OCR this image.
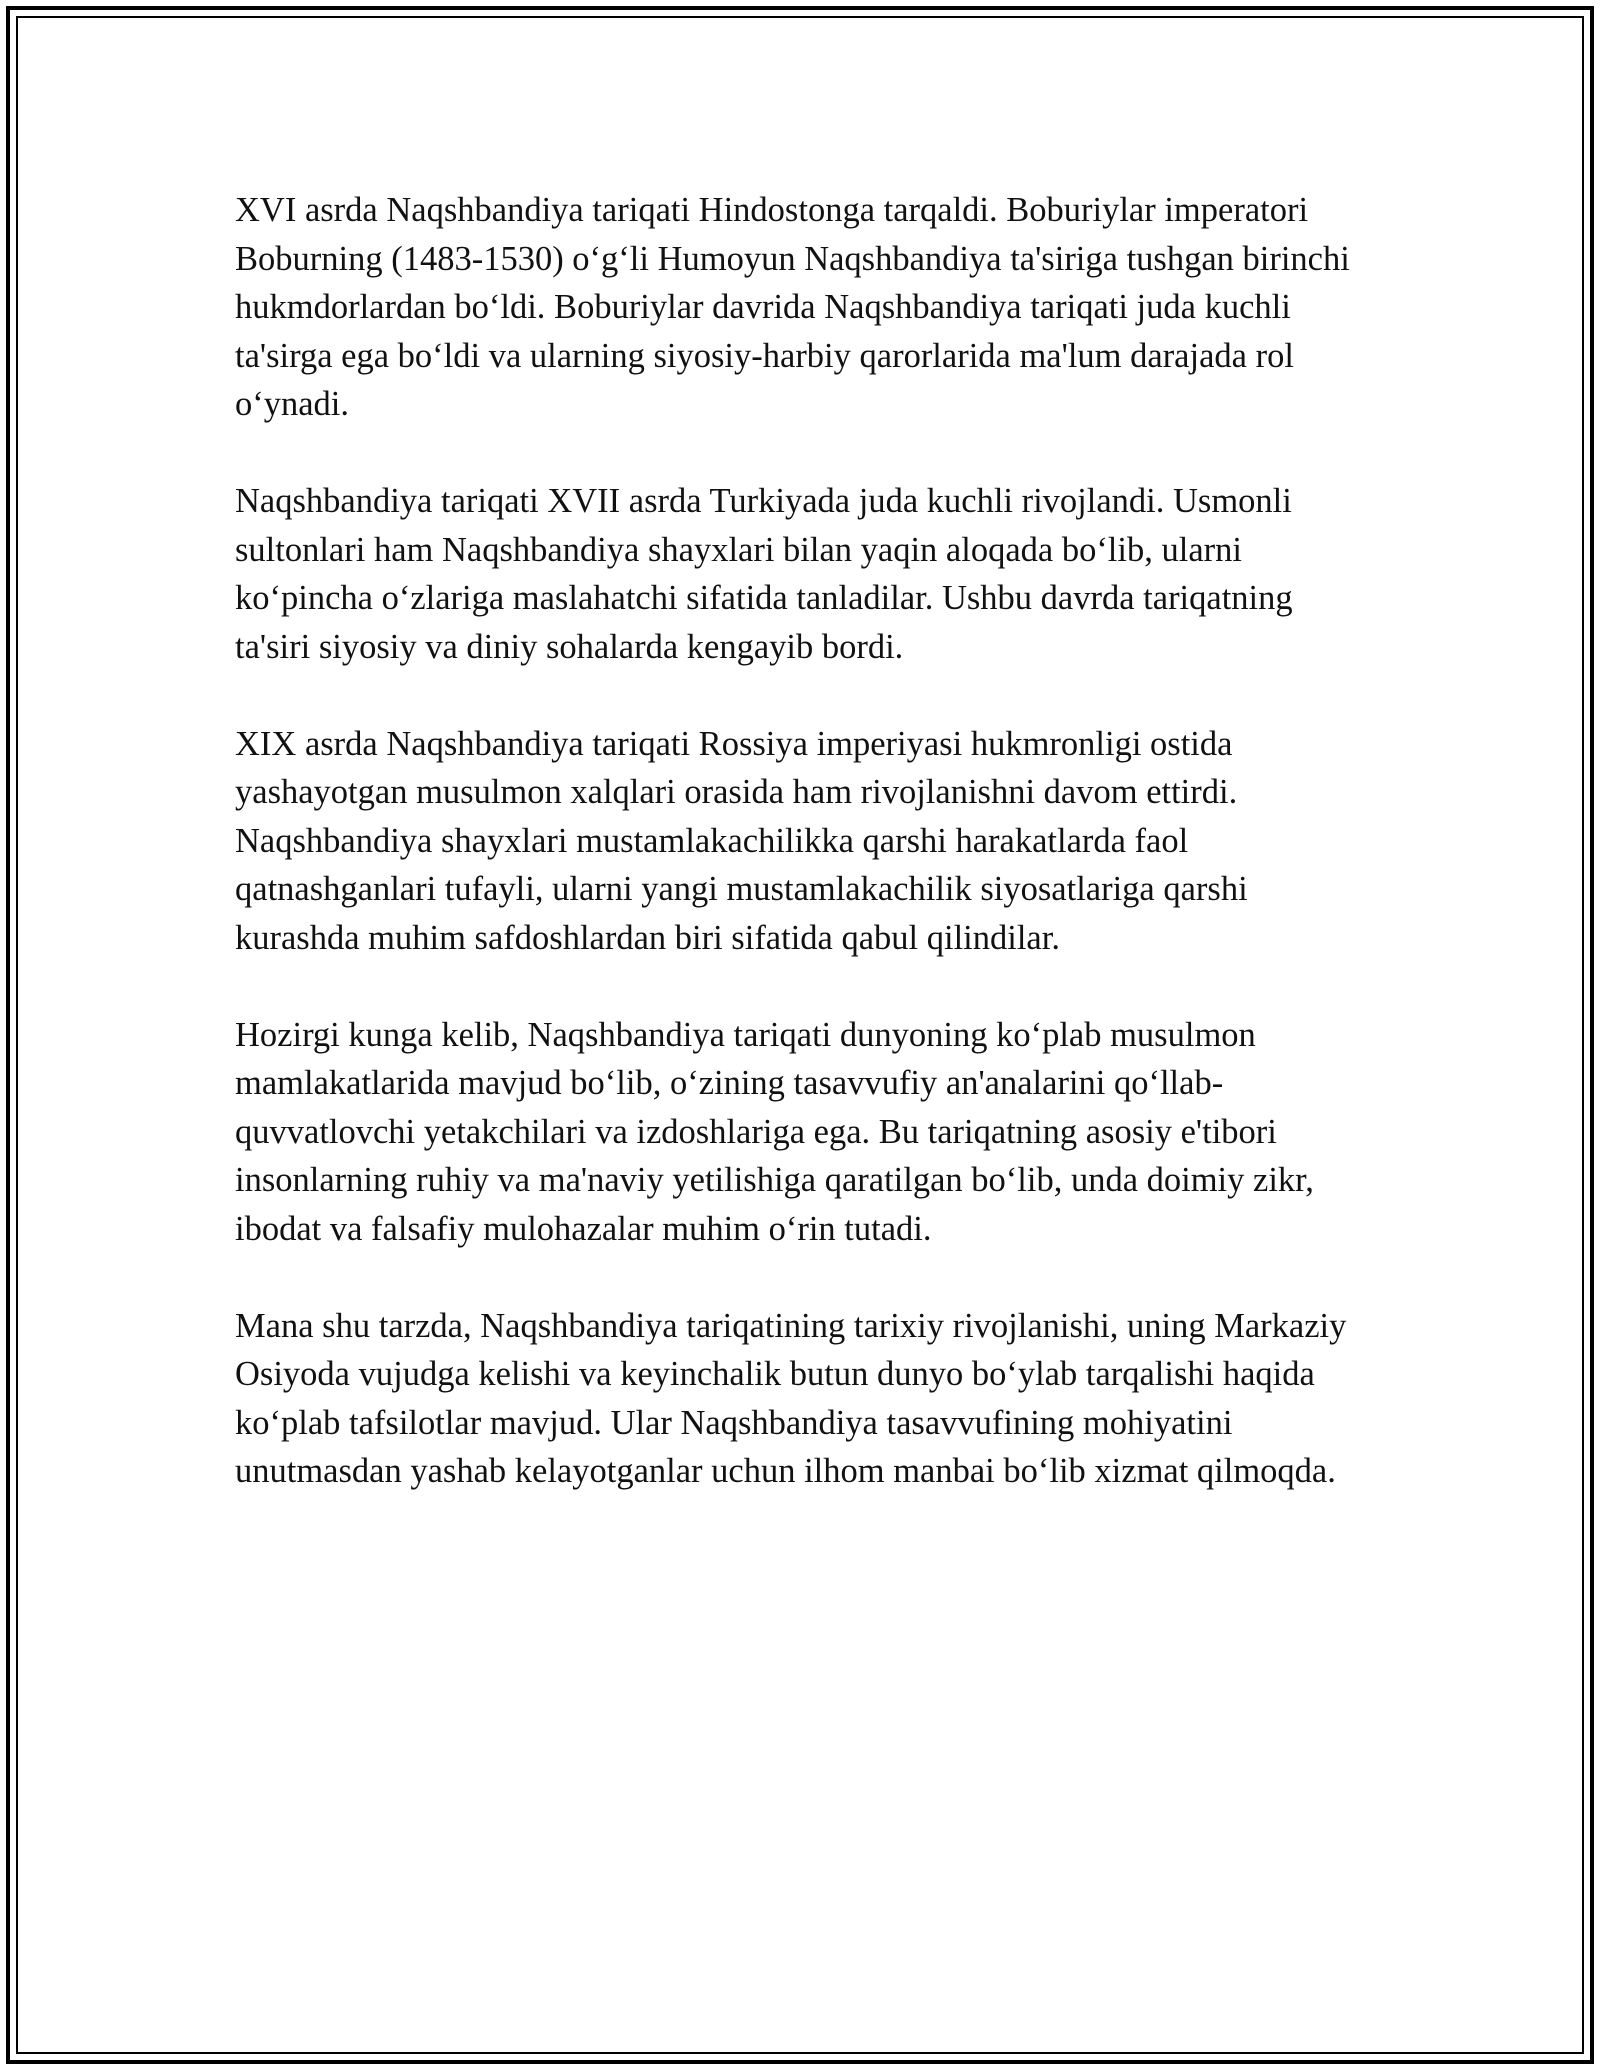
XVI asrda Naqshbandiya tariqati Hindostonga tarqaldi. Boburiylar imperatori Boburning (1483-1530) o‘g‘li Humoyun Naqshbandiya ta'siriga tushgan birinchi hukmdorlardan bo‘ldi. Boburiylar davrida Naqshbandiya tariqati juda kuchli ta'sirga ega bo‘ldi va ularning siyosiy-harbiy qarorlarida ma'lum darajada rol o‘ynadi.

Naqshbandiya tariqati XVII asrda Turkiyada juda kuchli rivojlandi. Usmonli sultonlari ham Naqshbandiya shayxlari bilan yaqin aloqada bo‘lib, ularni ko‘pincha o‘zlariga maslahatchi sifatida tanladilar. Ushbu davrda tariqatning ta'siri siyosiy va diniy sohalarda kengayib bordi.

XIX asrda Naqshbandiya tariqati Rossiya imperiyasi hukmronligi ostida yashayotgan musulmon xalqlari orasida ham rivojlanishni davom ettirdi. Naqshbandiya shayxlari mustamlakachilikka qarshi harakatlarda faol qatnashganlari tufayli, ularni yangi mustamlakachilik siyosatlariga qarshi kurashda muhim safdoshlardan biri sifatida qabul qilindilar.

Hozirgi kunga kelib, Naqshbandiya tariqati dunyoning ko‘plab musulmon mamlakatlarida mavjud bo‘lib, o‘zining tasavvufiy an'analarini qo‘llab-quvvatlovchi yetakchilari va izdoshlariga ega. Bu tariqatning asosiy e'tibori insonlarning ruhiy va ma'naviy yetilishiga qaratilgan bo‘lib, unda doimiy zikr, ibodat va falsafiy mulohazalar muhim o‘rin tutadi.

Mana shu tarzda, Naqshbandiya tariqatining tarixiy rivojlanishi, uning Markaziy Osiyoda vujudga kelishi va keyinchalik butun dunyo bo‘ylab tarqalishi haqida ko‘plab tafsilotlar mavjud. Ular Naqshbandiya tasavvufining mohiyatini unutmasdan yashab kelayotganlar uchun ilhom manbai bo‘lib xizmat qilmoqda.
